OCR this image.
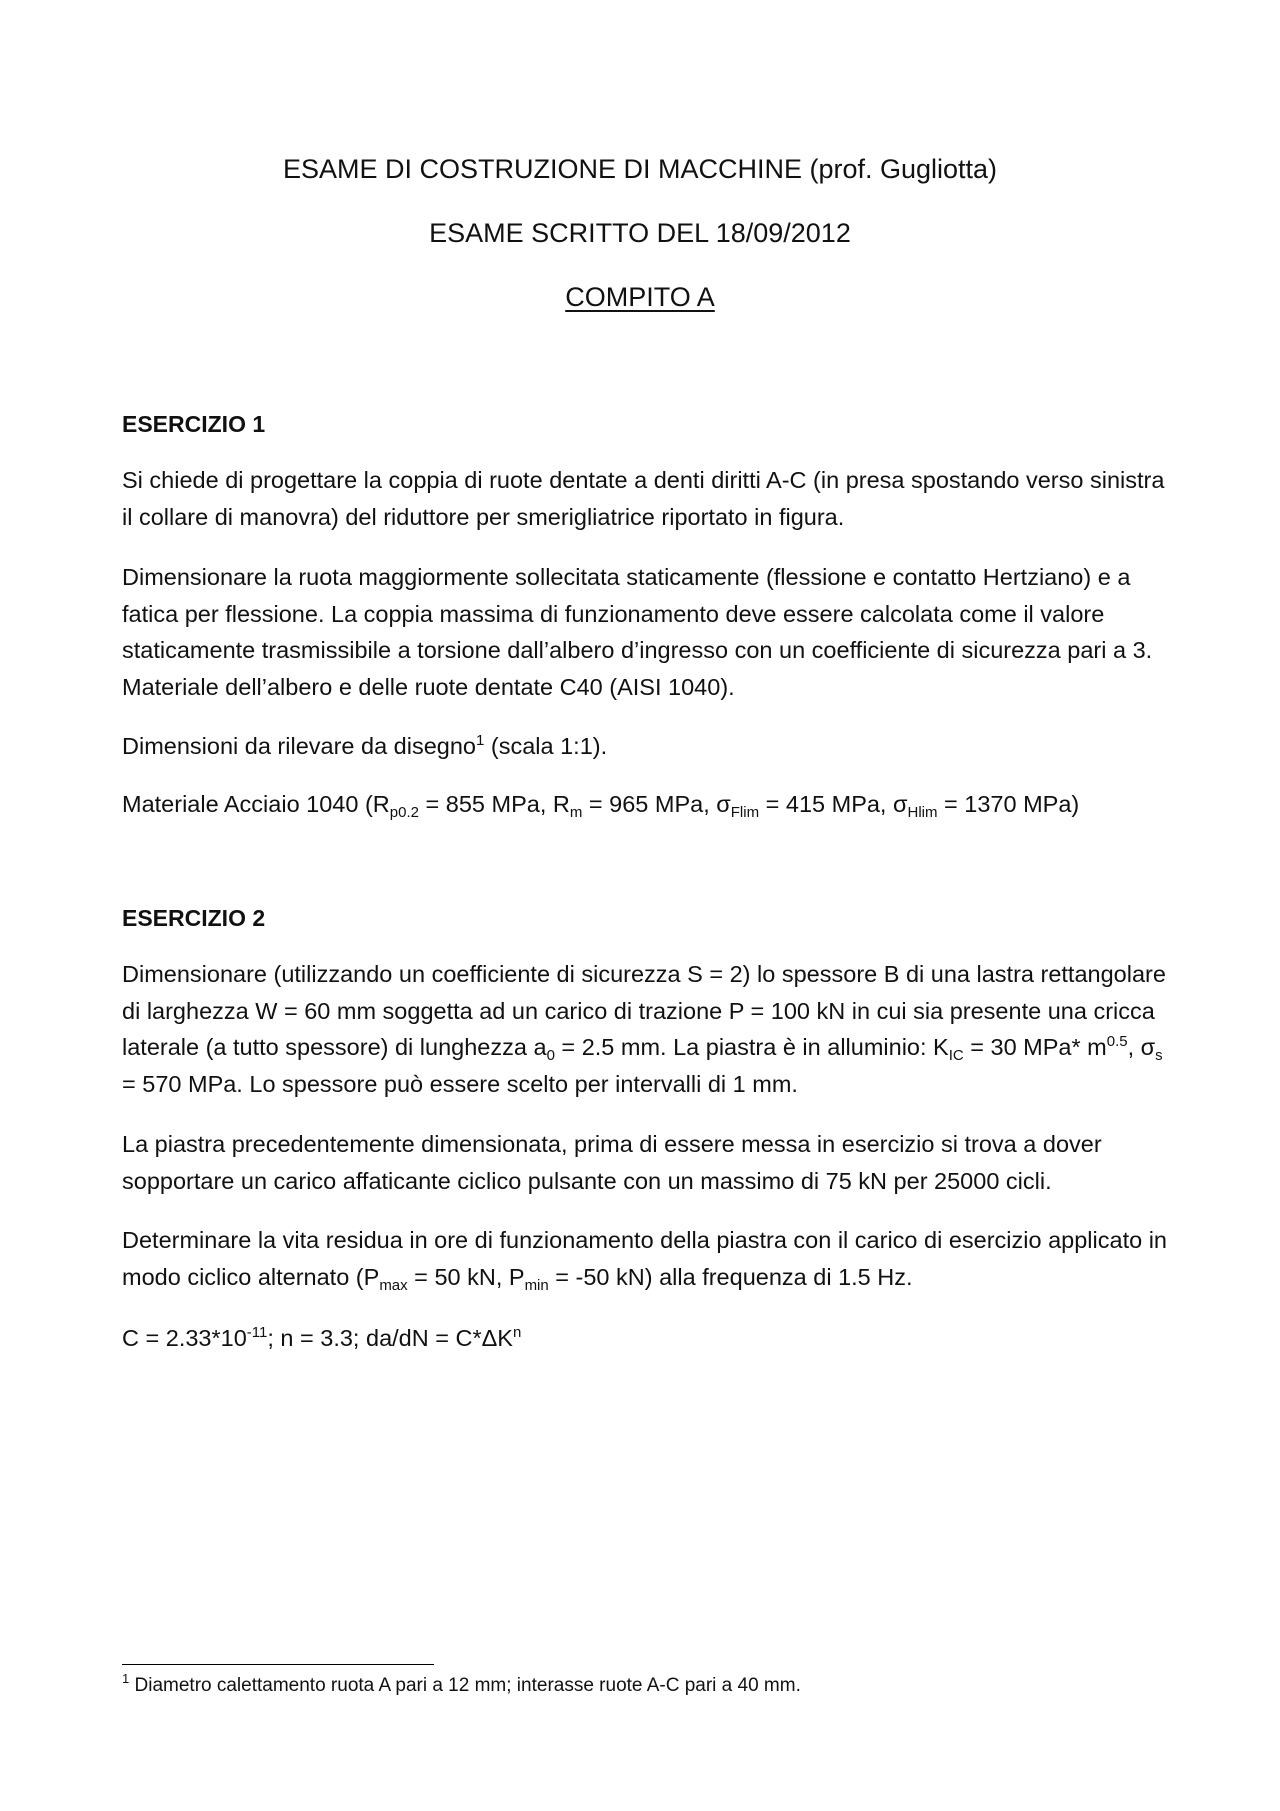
ESAME DI COSTRUZIONE DI MACCHINE (prof. Gugliotta)
ESAME SCRITTO DEL 18/09/2012
COMPITO A
ESERCIZIO 1

Si chiede di progettare la coppia di ruote dentate a denti diritti A-C (in presa spostando verso sinistra il collare di manovra) del riduttore per smerigliatrice riportato in figura.

Dimensionare la ruota maggiormente sollecitata staticamente (flessione e contatto Hertziano) e a fatica per flessione. La coppia massima di funzionamento deve essere calcolata come il valore staticamente trasmissibile a torsione dall’albero d’ingresso con un coefficiente di sicurezza pari a 3. Materiale dell’albero e delle ruote dentate C40 (AISI 1040).

Dimensioni da rilevare da disegno$^1$ (scala 1:1).

Materiale Acciaio 1040 ($R_{p0.2} = 855$ MPa, $R_m = 965$ MPa, $\sigma_{Flim} = 415$ MPa, $\sigma_{Hlim} = 1370$ MPa)

ESERCIZIO 2

Dimensionare (utilizzando un coefficiente di sicurezza S = 2) lo spessore B di una lastra rettangolare di larghezza W = 60 mm soggetta ad un carico di trazione P = 100 kN in cui sia presente una cricca laterale (a tutto spessore) di lunghezza $a_0 = 2.5$ mm. La piastra è in alluminio: $K_{IC} = 30$ MPa* $m^{0.5}$, $\sigma_s = 570$ MPa. Lo spessore può essere scelto per intervalli di 1 mm.

La piastra precedentemente dimensionata, prima di essere messa in esercizio si trova a dover sopportare un carico affaticante ciclico pulsante con un massimo di 75 kN per 25000 cicli.

Determinare la vita residua in ore di funzionamento della piastra con il carico di esercizio applicato in modo ciclico alternato ($P_{max} = 50$ kN, $P_{min} = -50$ kN) alla frequenza di 1.5 Hz.

$C = 2.33*10^{-11}$; n = 3.3; $da/dN = C*\Delta K^n$

$^1$ Diametro calettamento ruota A pari a 12 mm; interasse ruote A-C pari a 40 mm.
